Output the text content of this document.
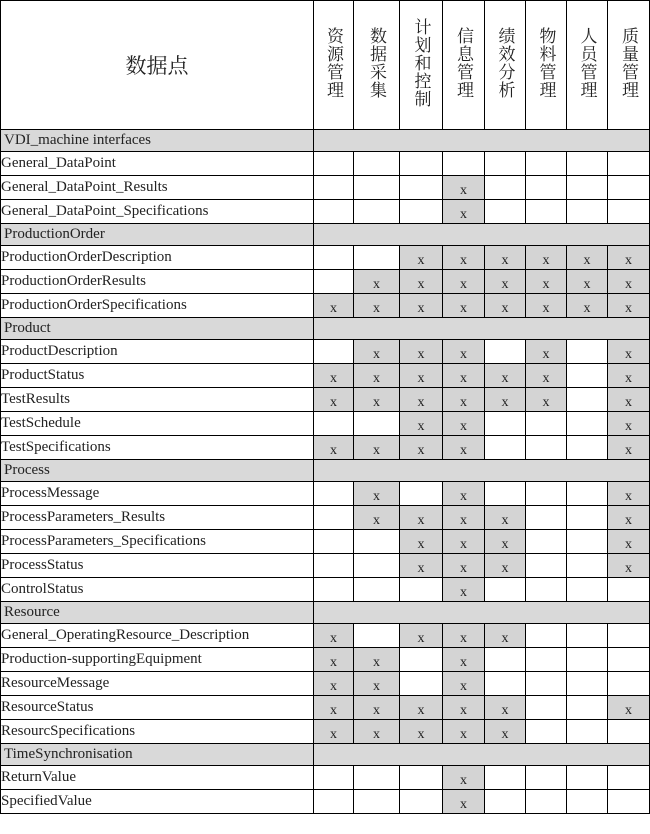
数据点	资源管理	数据采集	计划和控制	信息管理	绩效分析	物料管理	人员管理	质量管理
VDI_machine interfaces								
General_DataPoint								
General_DataPoint_Results				x				
General_DataPoint_Specifications				x				
ProductionOrder								
ProductionOrderDescription			x	x	x	x	x	x
ProductionOrderResults		x	x	x	x	x	x	x
ProductionOrderSpecifications	x	x	x	x	x	x	x	x
Product								
ProductDescription		x	x	x		x		x
ProductStatus	x	x	x	x	x	x		x
TestResults	x	x	x	x	x	x		x
TestSchedule			x	x				x
TestSpecifications	x	x	x	x				x
Process								
ProcessMessage		x		x				x
ProcessParameters_Results		x	x	x	x			x
ProcessParameters_Specifications			x	x	x			x
ProcessStatus			x	x	x			x
ControlStatus				x				
Resource								
General_OperatingResource_Description	x		x	x	x			
Production-supportingEquipment	x	x		x				
ResourceMessage	x	x		x				
ResourceStatus	x	x	x	x	x			x
ResourcSpecifications	x	x	x	x	x			
TimeSynchronisation								
ReturnValue				x				
SpecifiedValue				x				
